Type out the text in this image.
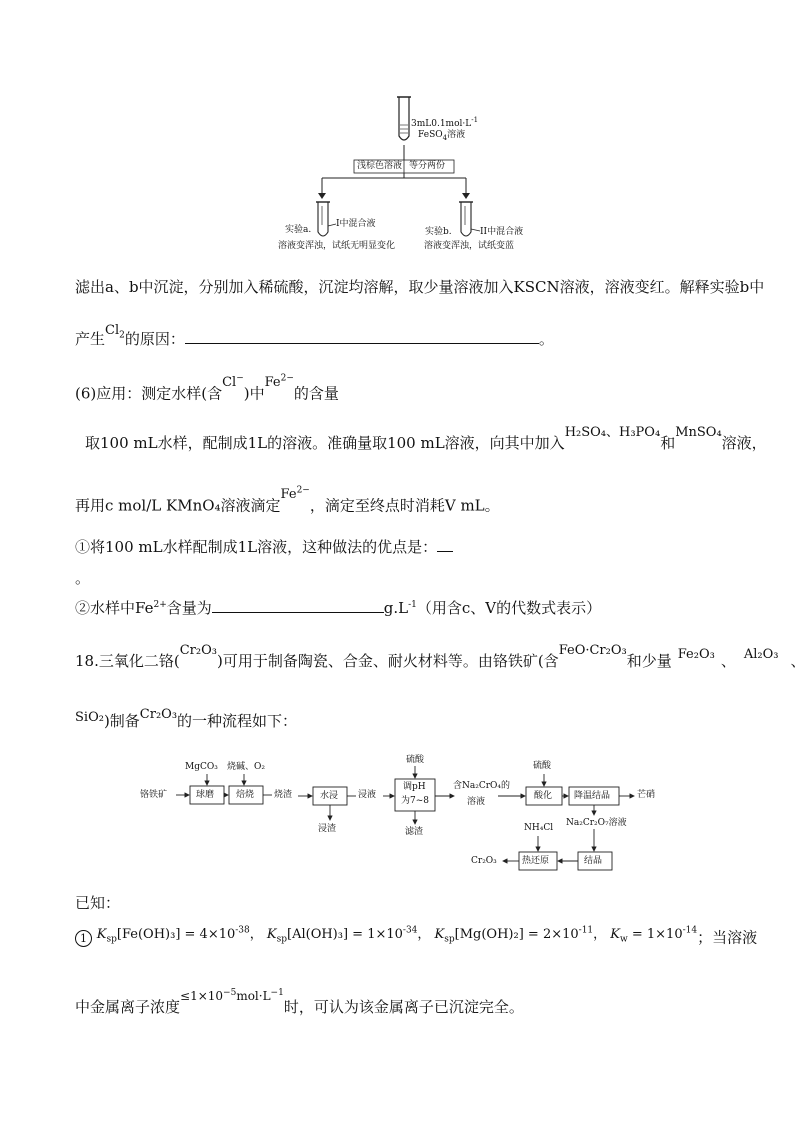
$3mL0.1mol\cdot L^{-1}$
FeSO$_4$溶液
浅棕色溶液 等分两份
实验a.
I中混合液
溶液变浑浊，试纸无明显变化
实验b.	II中混合液
溶液变浑浊，试纸变蓝
滤出a、b中沉淀，分别加入稀硫酸，沉淀均溶解，取少量溶液加入KSCN溶液，溶液变红。解释实验b中
产生$Cl_2$的原因：	。
(6)应用：测定水样(含Cl−)中$Fe^{2-}$的含量
取100 mL水样，配制成1L的溶液。准确量取100 mL溶液，向其中加入H₂SO₄、H₃PO₄和MnSO₄溶液，
再用c mol/L KMnO₄溶液滴定$Fe^{2-}$，滴定至终点时消耗V mL。
①将100 mL水样配制成1L溶液，这种做法的优点是：
。
②水样中$Fe^{2+}$含量为	$g.L^{-1}$（用含c、V的代数式表示）
18.三氧化二铬(Cr₂O₃)可用于制备陶瓷、合金、耐火材料等。由铬铁矿(含FeO·Cr₂O₃和少量 Fe₂O₃ 、 Al₂O₃ 、
SiO₂)制备Cr₂O₃的一种流程如下：
铬铁矿
MgCO₃ 烧碱、O₂
球磨 焙烧 烧渣	水浸
浸渣
浸液
硫酸
调pH
为7~8
滤渣
含Na₂CrO₄的
溶液
硫酸
酸化 降温结晶	芒硝
NH₄Cl Na₂Cr₂O₇溶液
热还原	结晶
Cr₂O₃
已知：
1 $K_{sp}[Fe(OH)_3] = 4\times 10^{-38}$， $K_{sp}[Al(OH)_3] = 1\times 10^{-34}$， $K_{sp}[Mg(OH)_2] = 2\times 10^{-11}$， $K_w = 1\times 10^{-14}$；当溶液
中金属离子浓度$^{\le 1\times 10^{-5}mol\cdot L^{-1}}$时，可认为该金属离子已沉淀完全。
